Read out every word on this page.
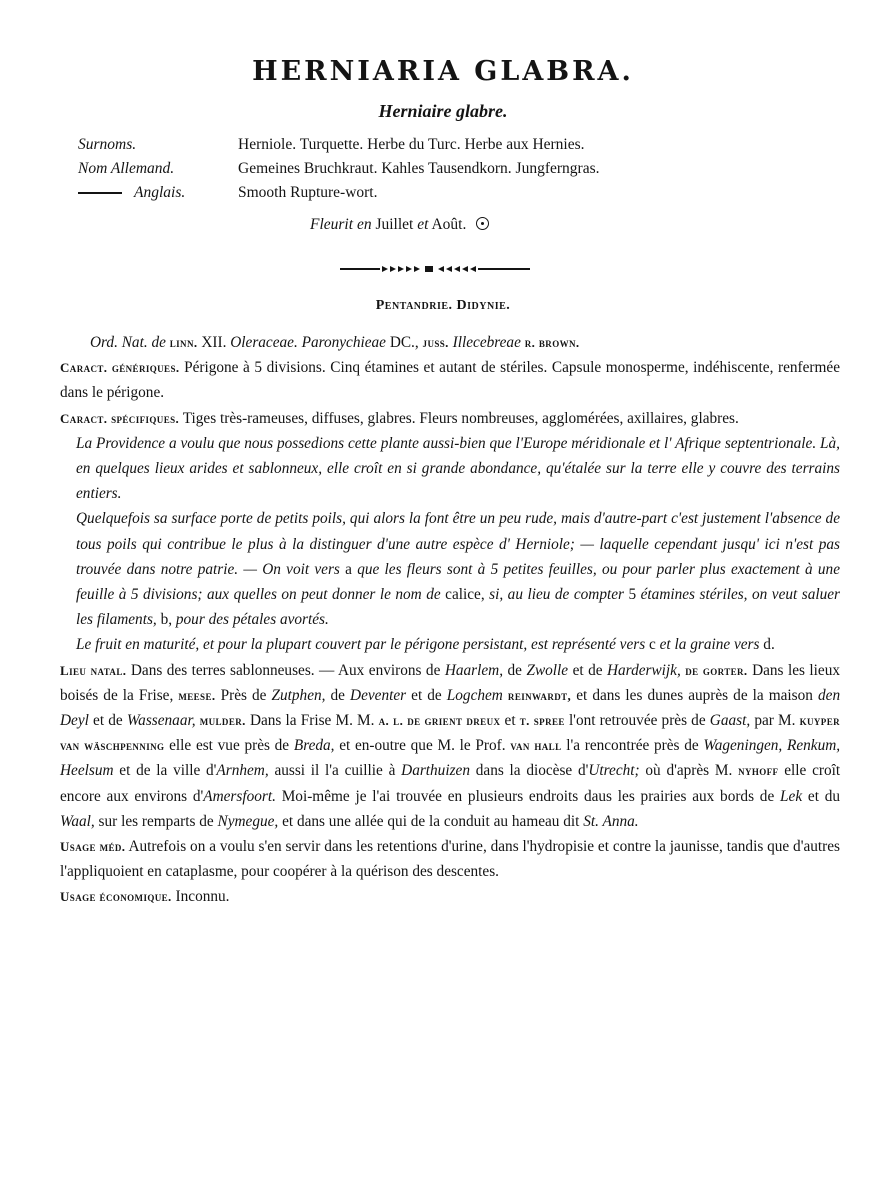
HERNIARIA GLABRA.
Herniaire glabre.
Surnoms.	Herniole. Turquette. Herbe du Turc. Herbe aux Hernies.
Nom Allemand.	Gemeines Bruchkraut. Kahles Tausendkorn. Jungferngras.
Anglais.	Smooth Rupture-wort.
Fleurit en Juillet et Août.
Pentandrie. Didynie.

Ord. Nat. de linn. XII. Oleraceae. Paronychieae DC., juss. Illecebreae r. brown.

Caract. génériques. Périgone à 5 divisions. Cinq étamines et autant de stériles. Capsule monosperme, indéhiscente, renfermée dans le périgone.

Caract. spécifiques. Tiges très-rameuses, diffuses, glabres. Fleurs nombreuses, agglomérées, axillaires, glabres.

La Providence a voulu que nous possedions cette plante aussi-bien que l'Europe méridionale et l' Afrique septentrionale. Là, en quelques lieux arides et sablonneux, elle croît en si grande abondance, qu'étalée sur la terre elle y couvre des terrains entiers.

Quelquefois sa surface porte de petits poils, qui alors la font être un peu rude, mais d'autre-part c'est justement l'absence de tous poils qui contribue le plus à la distinguer d'une autre espèce d' Herniole; — laquelle cependant jusqu' ici n'est pas trouvée dans notre patrie. — On voit vers a que les fleurs sont à 5 petites feuilles, ou pour parler plus exactement à une feuille à 5 divisions; aux quelles on peut donner le nom de calice, si, au lieu de compter 5 étamines stériles, on veut saluer les filaments, b, pour des pétales avortés.

Le fruit en maturité, et pour la plupart couvert par le périgone persistant, est représenté vers c et la graine vers d.

Lieu natal. Dans des terres sablonneuses. — Aux environs de Haarlem, de Zwolle et de Harderwijk, de gorter. Dans les lieux boisés de la Frise, meese. Près de Zutphen, de Deventer et de Logchem reinwardt, et dans les dunes auprès de la maison den Deyl et de Wassenaar, mulder. Dans la Frise M. M. a. l. de grient dreux et t. spree l'ont retrouvée près de Gaast, par M. kuyper van wäschpenning elle est vue près de Breda, et en-outre que M. le Prof. van hall l'a rencontrée près de Wageningen, Renkum, Heelsum et de la ville d'Arnhem, aussi il l'a cuillie à Darthuizen dans la diocèse d'Utrecht; où d'après M. nyhoff elle croît encore aux environs d'Amersfoort. Moi-même je l'ai trouvée en plusieurs endroits daus les prairies aux bords de Lek et du Waal, sur les remparts de Nymegue, et dans une allée qui de la conduit au hameau dit St. Anna.

Usage méd. Autrefois on a voulu s'en servir dans les retentions d'urine, dans l'hydropisie et contre la jaunisse, tandis que d'autres l'appliquoient en cataplasme, pour coopérer à la quérison des descentes.

Usage économique. Inconnu.
